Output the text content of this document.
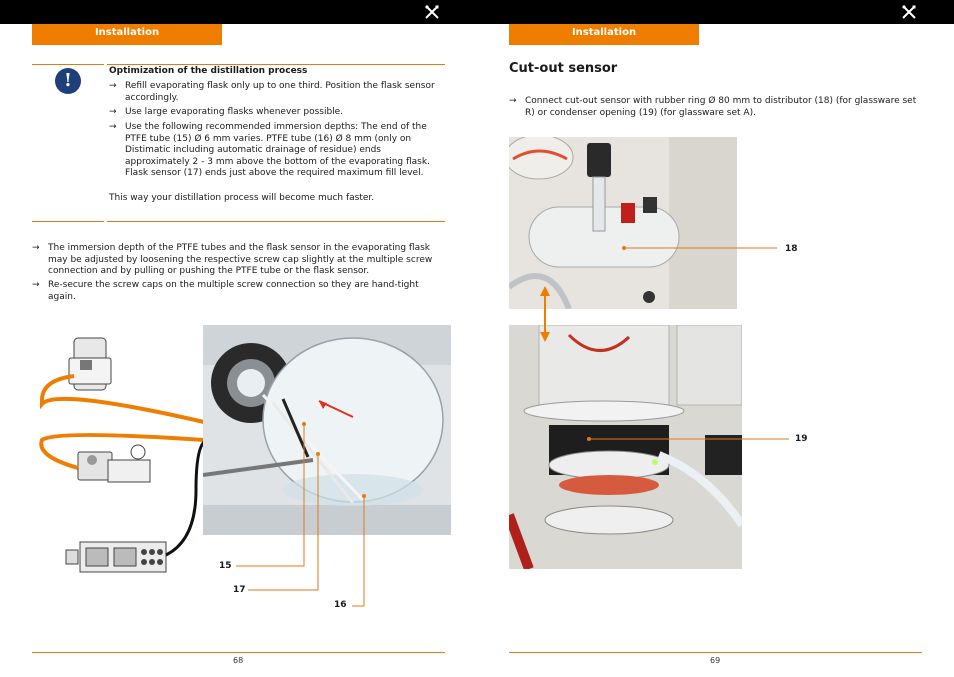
Installation	Installation
!	Optimization of the distillation process
→ Refill evaporating flask only up to one third. Position the flask sensor accordingly.
→ Use large evaporating flasks whenever possible.
→ Use the following recommended immersion depths: The end of the PTFE tube (15) Ø 6 mm varies. PTFE tube (16) Ø 8 mm (only on Distimatic including automatic drainage of residue) ends approximately 2 - 3 mm above the bottom of the evaporating flask. Flask sensor (17) ends just above the required maximum fill level.
This way your distillation process will become much faster.
→ The immersion depth of the PTFE tubes and the flask sensor in the evaporating flask may be adjusted by loosening the respective screw cap slightly at the multiple screw connection and by pulling or pushing the PTFE tube or the flask sensor.
→ Re-secure the screw caps on the multiple screw connection so they are hand-tight again.
15
17
16
68
Cut-out sensor
→ Connect cut-out sensor with rubber ring Ø 80 mm to distributor (18) (for glassware set R) or condenser opening (19) (for glassware set A).
18
19
69
